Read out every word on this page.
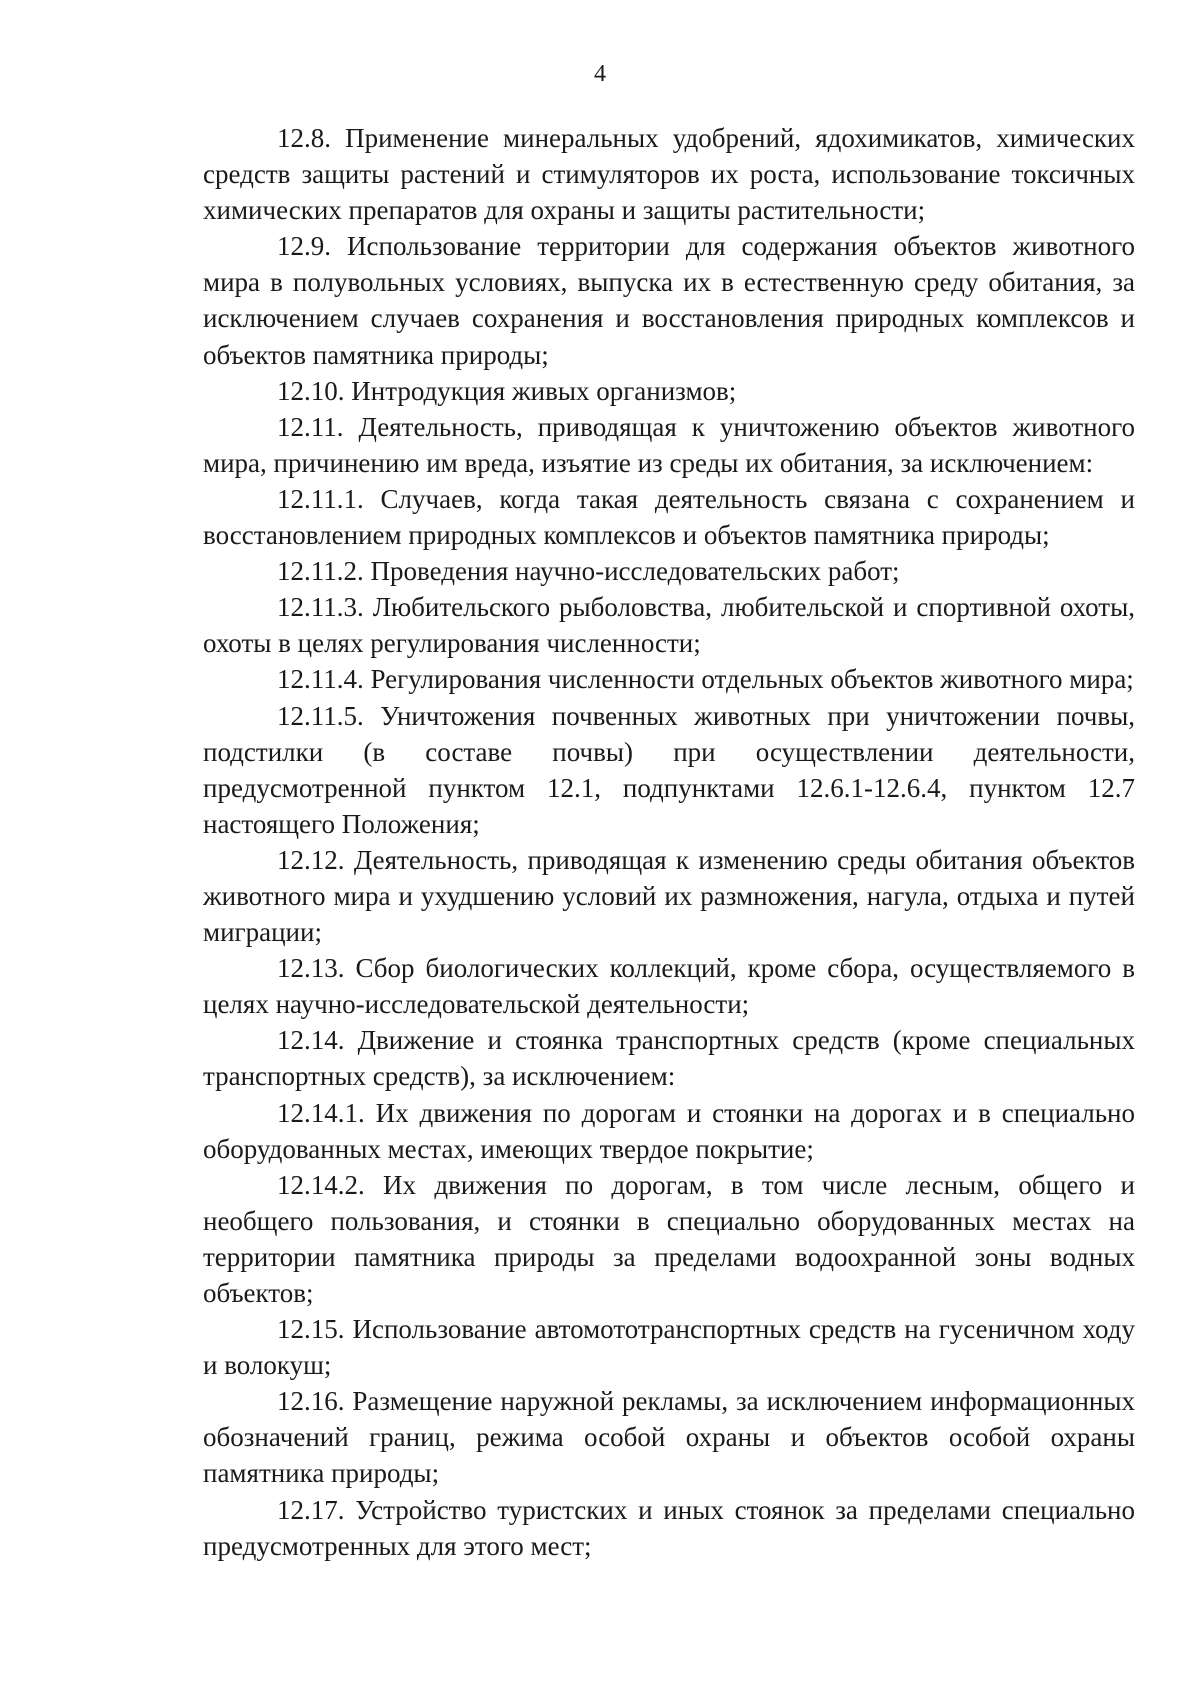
4

12.8. Применение минеральных удобрений, ядохимикатов, химических средств защиты растений и стимуляторов их роста, использование токсичных химических препаратов для охраны и защиты растительности;

12.9. Использование территории для содержания объектов животного мира в полувольных условиях, выпуска их в естественную среду обитания, за исключением случаев сохранения и восстановления природных комплексов и объектов памятника природы;

12.10. Интродукция живых организмов;

12.11. Деятельность, приводящая к уничтожению объектов животного мира, причинению им вреда, изъятие из среды их обитания, за исключением:

12.11.1. Случаев, когда такая деятельность связана с сохранением и восстановлением природных комплексов и объектов памятника природы;

12.11.2. Проведения научно-исследовательских работ;

12.11.3. Любительского рыболовства, любительской и спортивной охоты, охоты в целях регулирования численности;

12.11.4. Регулирования численности отдельных объектов животного мира;

12.11.5. Уничтожения почвенных животных при уничтожении почвы, подстилки (в составе почвы) при осуществлении деятельности, предусмотренной пунктом 12.1, подпунктами 12.6.1-12.6.4, пунктом 12.7 настоящего Положения;

12.12. Деятельность, приводящая к изменению среды обитания объектов животного мира и ухудшению условий их размножения, нагула, отдыха и путей миграции;

12.13. Сбор биологических коллекций, кроме сбора, осуществляемого в целях научно-исследовательской деятельности;

12.14. Движение и стоянка транспортных средств (кроме специальных транспортных средств), за исключением:

12.14.1. Их движения по дорогам и стоянки на дорогах и в специально оборудованных местах, имеющих твердое покрытие;

12.14.2. Их движения по дорогам, в том числе лесным, общего и необщего пользования, и стоянки в специально оборудованных местах на территории памятника природы за пределами водоохранной зоны водных объектов;

12.15. Использование автомототранспортных средств на гусеничном ходу и волокуш;

12.16. Размещение наружной рекламы, за исключением информационных обозначений границ, режима особой охраны и объектов особой охраны памятника природы;

12.17. Устройство туристских и иных стоянок за пределами специально предусмотренных для этого мест;
